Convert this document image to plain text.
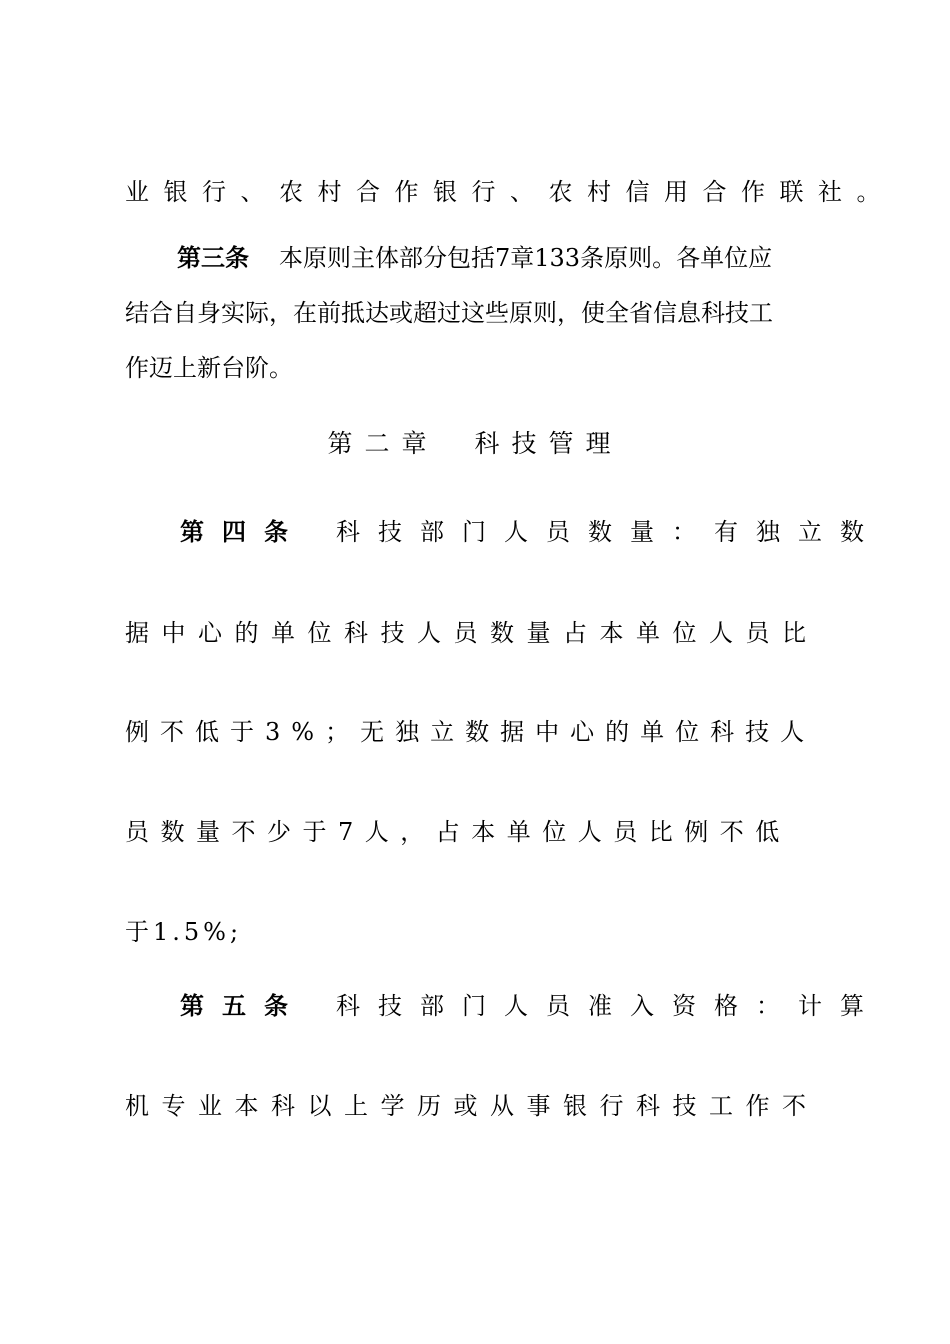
业银行、农村合作银行、农村信用合作联社。
第三条 本原则主体部分包括7章133条原则。各单位应
结合自身实际，在前抵达或超过这些原则，使全省信息科技工
作迈上新台阶。
第二章 科技管理
第四条 科技部门人员数量：有独立数
据中心的单位科技人员数量占本单位人员比
例不低于3%；无独立数据中心的单位科技人
员数量不少于7人，占本单位人员比例不低
于1.5%;
第五条 科技部门人员准入资格：计算
机专业本科以上学历或从事银行科技工作不
